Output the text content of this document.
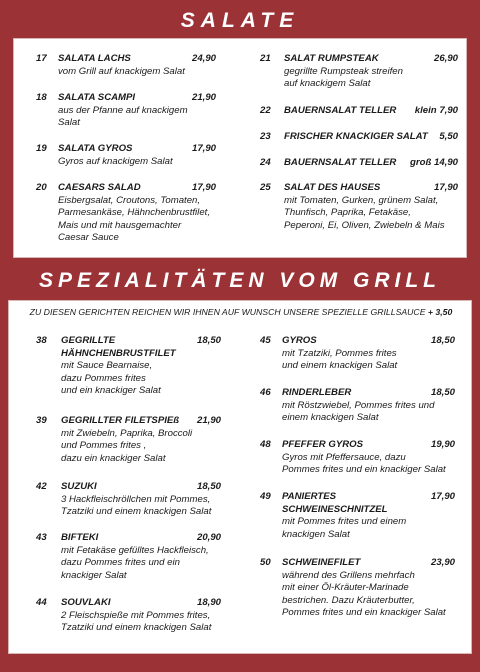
SALATE
17 SALATA LACHS	24,90
vom Grill auf knackigem Salat
18 SALATA SCAMPI	21,90
aus der Pfanne auf knackigem
Salat
19 SALATA GYROS	17,90
Gyros auf knackigem Salat
20 CAESARS SALAD	17,90
Eisbergsalat, Croutons, Tomaten,
Parmesankäse, Hähnchenbrustfilet,
Mais und mit hausgemachter
Caesar Sauce
21 SALAT RUMPSTEAK	26,90
gegrillte Rumpsteak streifen
auf knackigem Salat
22 BAUERNSALAT TELLER klein 7,90
23 FRISCHER KNACKIGER SALAT 5,50
24 BAUERNSALAT TELLER groß 14,90
25 SALAT DES HAUSES	17,90
mit Tomaten, Gurken, grünem Salat,
Thunfisch, Paprika, Fetakäse,
Peperoni, Ei, Oliven, Zwiebeln & Mais
SPEZIALITÄTEN VOM GRILL
ZU DIESEN GERICHTEN REICHEN WIR IHNEN AUF WUNSCH UNSERE SPEZIELLE GRILLSAUCE + 3,50
38 GEGRILLTE	18,50
HÄHNCHENBRUSTFILET
mit Sauce Bearnaise,
dazu Pommes frites
und ein knackiger Salat
39 GEGRILLTER FILETSPIEß 21,90
mit Zwiebeln, Paprika, Broccoli
und Pommes frites ,
dazu ein knackiger Salat
42 SUZUKI	18,50
3 Hackfleischröllchen mit Pommes,
Tzatziki und einem knackigen Salat
43 BIFTEKI	20,90
mit Fetakäse gefülltes Hackfleisch,
dazu Pommes frites und ein
knackiger Salat
44 SOUVLAKI	18,90
2 Fleischspieße mit Pommes frites,
Tzatziki und einem knackigen Salat
45 GYROS	18,50
mit Tzatziki, Pommes frites
und einem knackigen Salat
46 RINDERLEBER	18,50
mit Röstzwiebel, Pommes frites und
einem knackigen Salat
48 PFEFFER GYROS	19,90
Gyros mit Pfeffersauce, dazu
Pommes frites und ein knackiger Salat
49 PANIERTES	17,90
SCHWEINESCHNITZEL
mit Pommes frites und einem
knackigen Salat
50 SCHWEINEFILET	23,90
während des Grillens mehrfach
mit einer Öl-Kräuter-Marinade
bestrichen. Dazu Kräuterbutter,
Pommes frites und ein knackiger Salat
